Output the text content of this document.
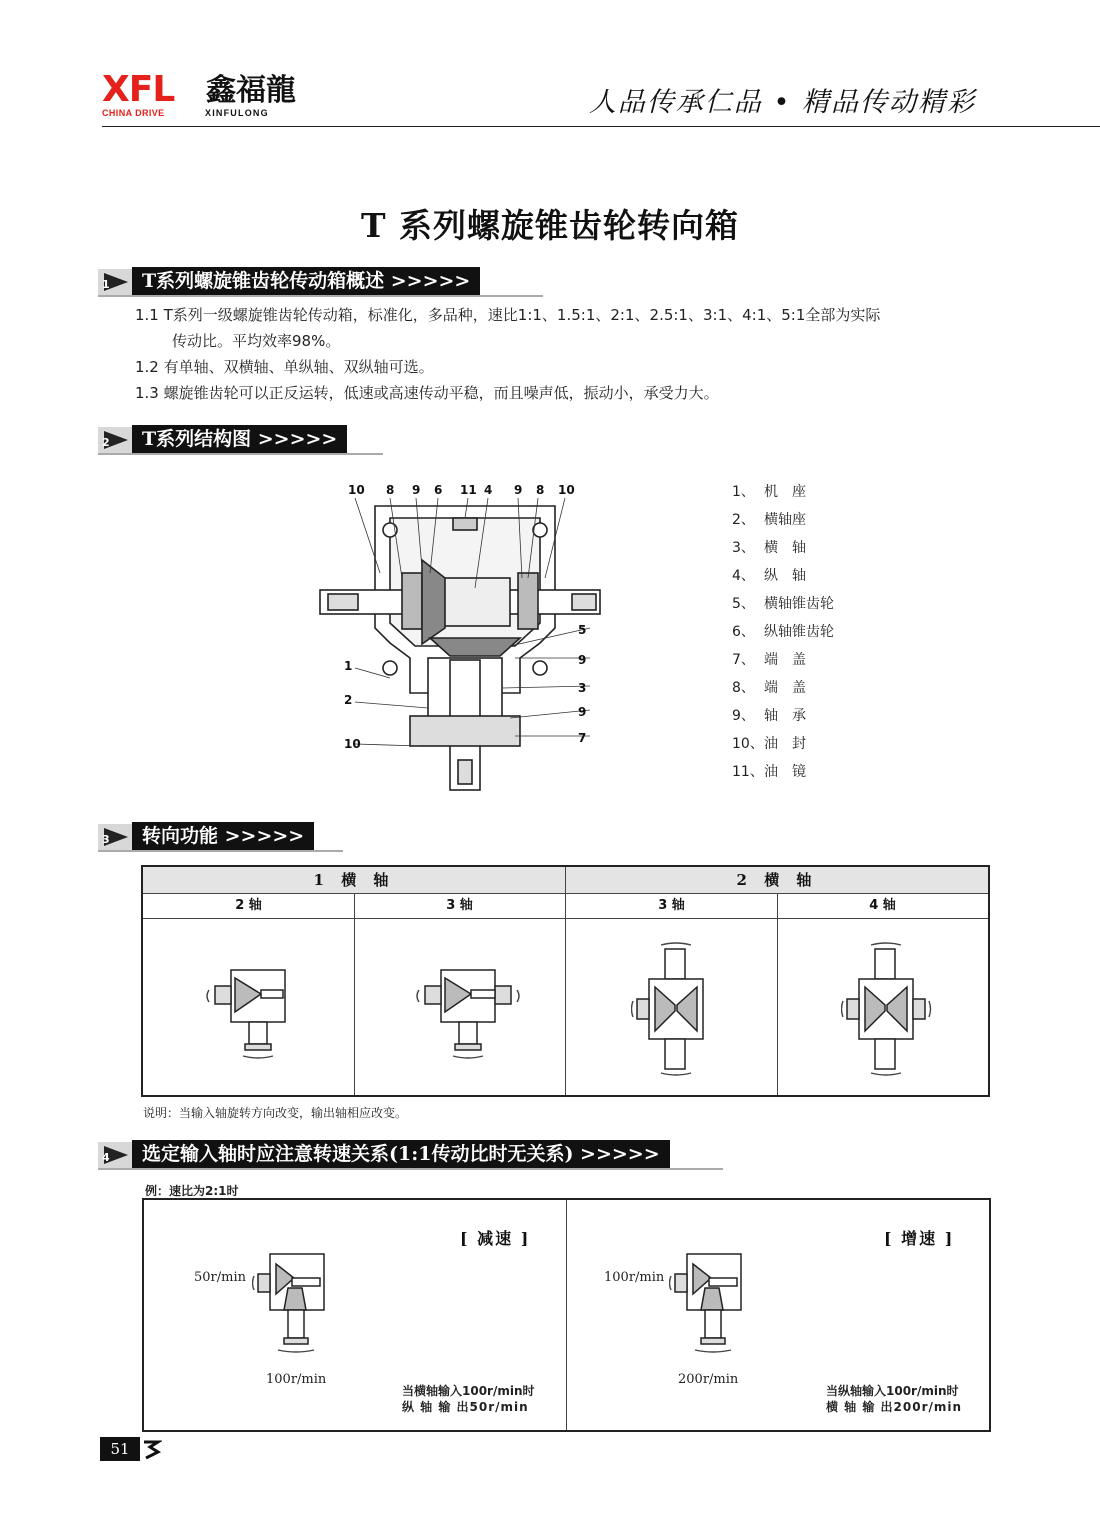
XFL 鑫福龍
CHINA DRIVE	XINFULONG	人品传承仁品 • 精品传动精彩
T 系列螺旋锥齿轮转向箱
1	T系列螺旋锥齿轮传动箱概述 >>>>>
1.1 T系列一级螺旋锥齿轮传动箱，标准化，多品种，速比1:1、1.5:1、2:1、2.5:1、3:1、4:1、5:1全部为实际
传动比。平均效率98%。
1.2 有单轴、双横轴、单纵轴、双纵轴可选。
1.3 螺旋锥齿轮可以正反运转，低速或高速传动平稳，而且噪声低，振动小，承受力大。
2	T系列结构图 >>>>>
10 8 9 6 11 4 9 8 10
5
9
3
9
7
1
2
10
1、 机　座
2、 横轴座
3、 横　轴
4、 纵　轴
5、 横轴锥齿轮
6、 纵轴锥齿轮
7、 端　盖
8、 端　盖
9、 轴　承
10、油　封
11、油　镜
3	转向功能 >>>>>
1 横 轴	2 横 轴
2 轴	3 轴	3 轴	4 轴
说明：当输入轴旋转方向改变，输出轴相应改变。
4	选定输入轴时应注意转速关系(1:1传动比时无关系) >>>>>
例：速比为2:1时
[ 减速 ]
50r/min
100r/min
当横轴输入100r/min时
纵 轴 输 出50r/min
[ 增速 ]
100r/min
200r/min
当纵轴输入100r/min时
横 轴 输 出200r/min
51
